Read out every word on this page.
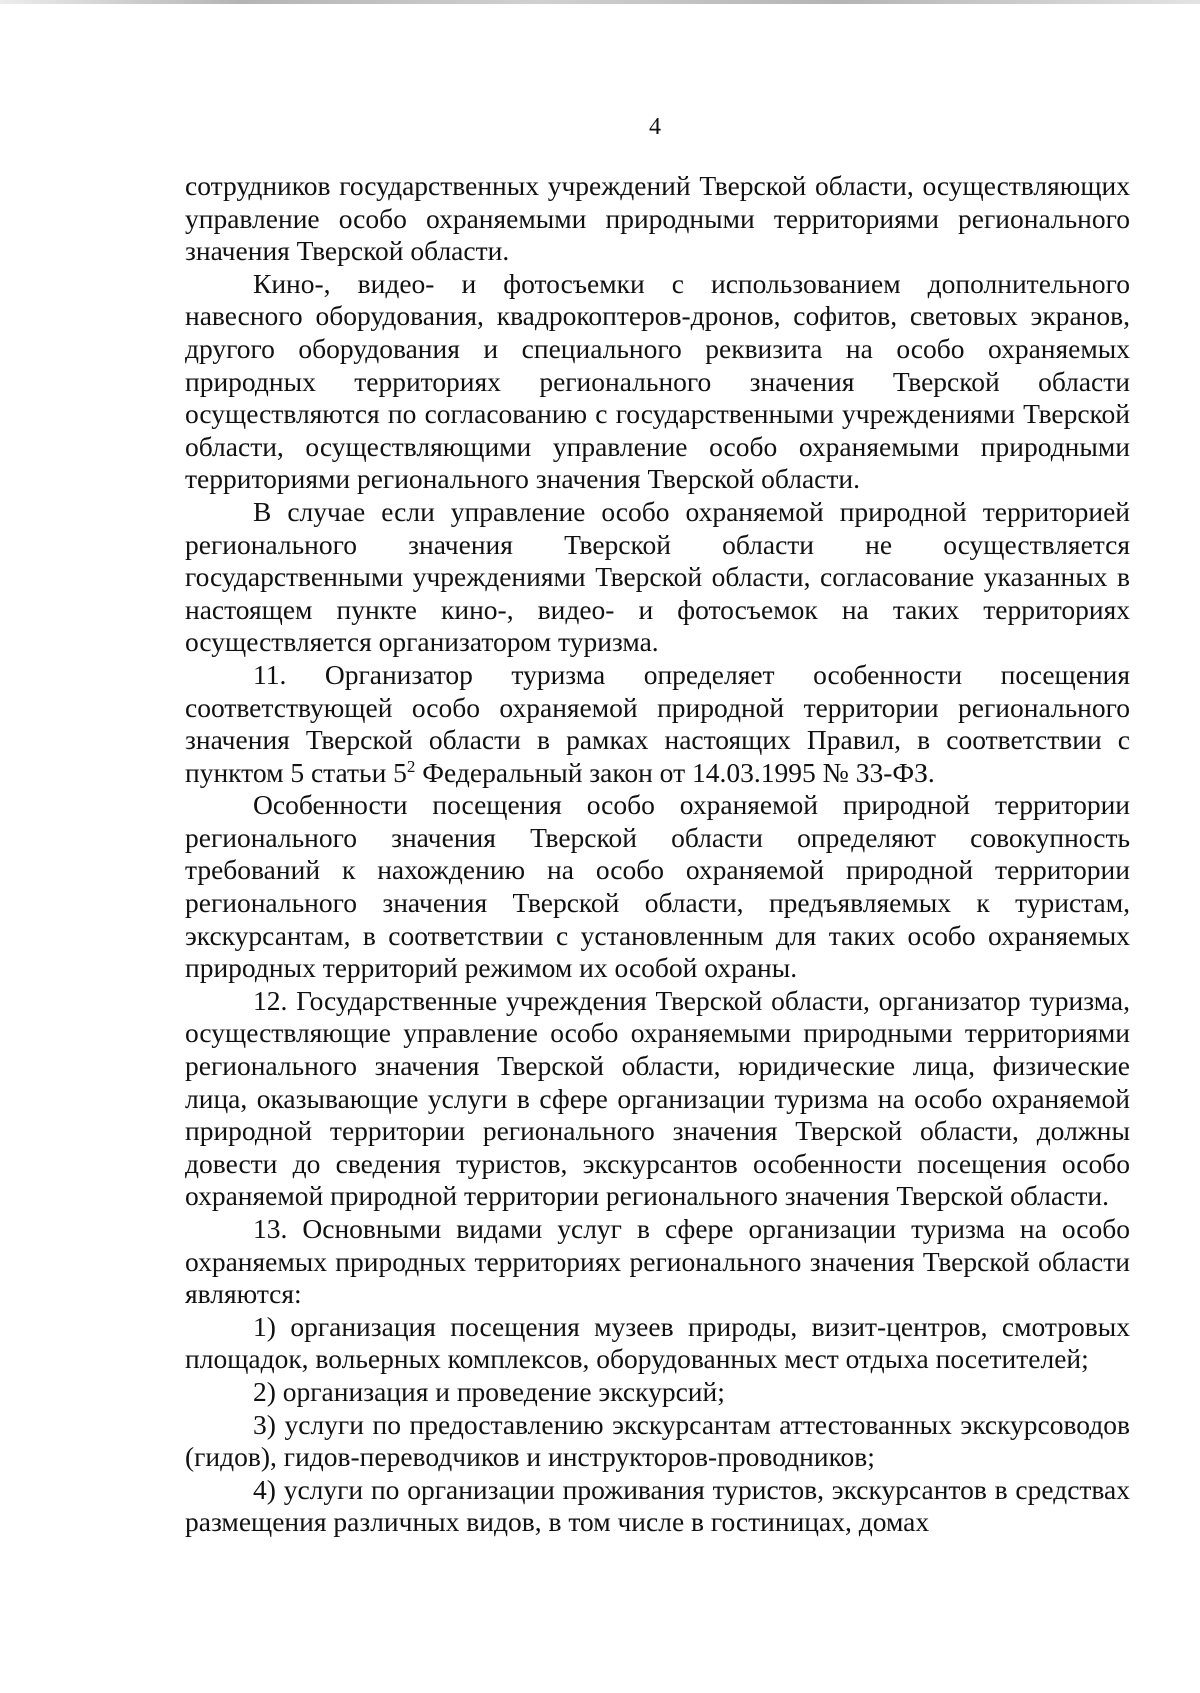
4

сотрудников государственных учреждений Тверской области, осуществляющих управление особо охраняемыми природными территориями регионального значения Тверской области.

Кино-, видео- и фотосъемки с использованием дополнительного навесного оборудования, квадрокоптеров-дронов, софитов, световых экранов, другого оборудования и специального реквизита на особо охраняемых природных территориях регионального значения Тверской области осуществляются по согласованию с государственными учреждениями Тверской области, осуществляющими управление особо охраняемыми природными территориями регионального значения Тверской области.

В случае если управление особо охраняемой природной территорией регионального значения Тверской области не осуществляется государственными учреждениями Тверской области, согласование указанных в настоящем пункте кино-, видео- и фотосъемок на таких территориях осуществляется организатором туризма.

11. Организатор туризма определяет особенности посещения соответствующей особо охраняемой природной территории регионального значения Тверской области в рамках настоящих Правил, в соответствии с пунктом 5 статьи $5^2$ Федеральный закон от 14.03.1995 № 33-ФЗ.

Особенности посещения особо охраняемой природной территории регионального значения Тверской области определяют совокупность требований к нахождению на особо охраняемой природной территории регионального значения Тверской области, предъявляемых к туристам, экскурсантам, в соответствии с установленным для таких особо охраняемых природных территорий режимом их особой охраны.

12. Государственные учреждения Тверской области, организатор туризма, осуществляющие управление особо охраняемыми природными территориями регионального значения Тверской области, юридические лица, физические лица, оказывающие услуги в сфере организации туризма на особо охраняемой природной территории регионального значения Тверской области, должны довести до сведения туристов, экскурсантов особенности посещения особо охраняемой природной территории регионального значения Тверской области.

13. Основными видами услуг в сфере организации туризма на особо охраняемых природных территориях регионального значения Тверской области являются:

1) организация посещения музеев природы, визит-центров, смотровых площадок, вольерных комплексов, оборудованных мест отдыха посетителей;

2) организация и проведение экскурсий;

3) услуги по предоставлению экскурсантам аттестованных экскурсоводов (гидов), гидов-переводчиков и инструкторов-проводников;

4) услуги по организации проживания туристов, экскурсантов в средствах размещения различных видов, в том числе в гостиницах, домах
